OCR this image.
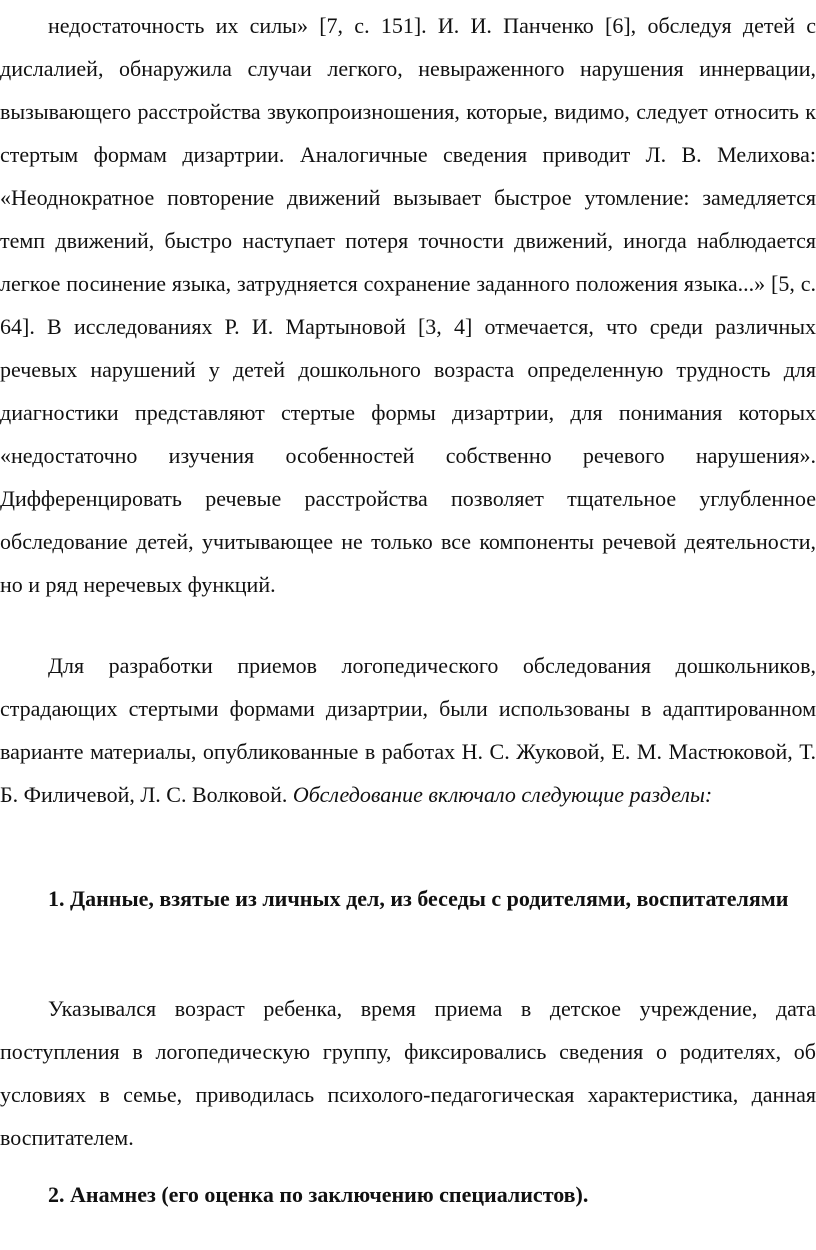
недостаточность их силы» [7, с. 151]. И. И. Панченко [6], обследуя детей с дислалией, обнаружила случаи легкого, невыраженного нарушения иннервации, вызывающего расстройства звукопроизношения, которые, видимо, следует относить к стертым формам дизартрии. Аналогичные сведения приводит Л. В. Мелихова: «Неоднократное повторение движений вызывает быстрое утомление: замедляется темп движений, быстро наступает потеря точности движений, иногда наблюдается легкое посинение языка, затрудняется сохранение заданного положения языка...» [5, с. 64]. В исследованиях Р. И. Мартыновой [3, 4] отмечается, что среди различных речевых нарушений у детей дошкольного возраста определенную трудность для диагностики представляют стертые формы дизартрии, для понимания которых «недостаточно изучения особенностей собственно речевого нарушения». Дифференцировать речевые расстройства позволяет тщательное углубленное обследование детей, учитывающее не только все компоненты речевой деятельности, но и ряд неречевых функций.

Для разработки приемов логопедического обследования дошкольников, страдающих стертыми формами дизартрии, были использованы в адаптированном варианте материалы, опубликованные в работах Н. С. Жуковой, Е. М. Мастюковой, Т. Б. Филичевой, Л. С. Волковой. Обследование включало следующие разделы:

1. Данные, взятые из личных дел, из беседы с родителями, воспитателями

Указывался возраст ребенка, время приема в детское учреждение, дата поступления в логопедическую группу, фиксировались сведения о родителях, об условиях в семье, приводилась психолого-педагогическая характеристика, данная воспитателем.

2. Анамнез (его оценка по заключению специалистов).
